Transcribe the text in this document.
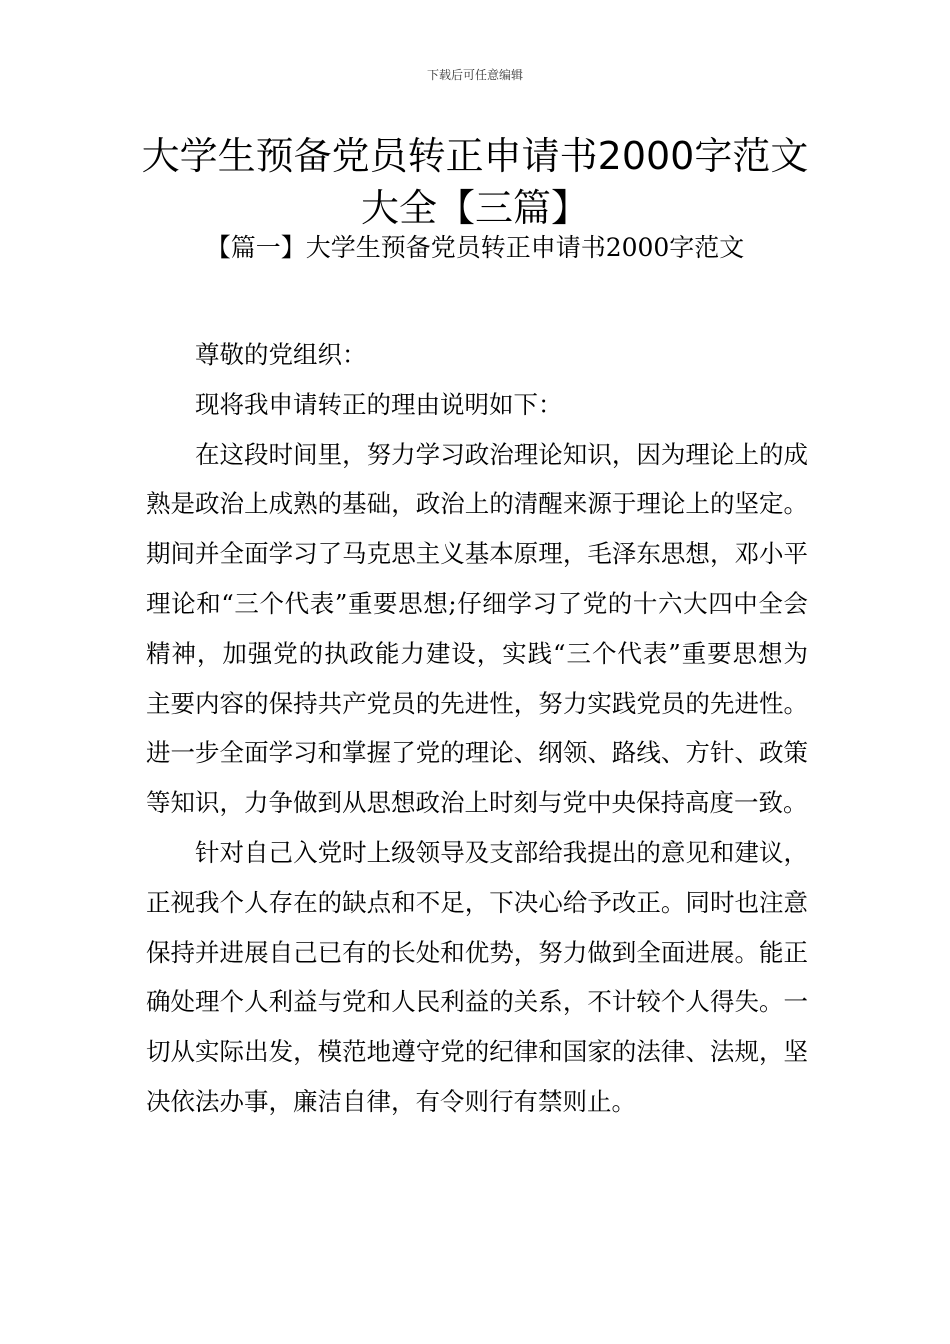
下载后可任意编辑
大学生预备党员转正申请书2000字范文大全【三篇】
【篇一】大学生预备党员转正申请书2000字范文

尊敬的党组织：

现将我申请转正的理由说明如下：

在这段时间里，努力学习政治理论知识，因为理论上的成熟是政治上成熟的基础，政治上的清醒来源于理论上的坚定。期间并全面学习了马克思主义基本原理，毛泽东思想，邓小平理论和“三个代表”重要思想;仔细学习了党的十六大四中全会精神，加强党的执政能力建设，实践“三个代表”重要思想为主要内容的保持共产党员的先进性，努力实践党员的先进性。进一步全面学习和掌握了党的理论、纲领、路线、方针、政策等知识，力争做到从思想政治上时刻与党中央保持高度一致。

针对自己入党时上级领导及支部给我提出的意见和建议，正视我个人存在的缺点和不足，下决心给予改正。同时也注意保持并进展自己已有的长处和优势，努力做到全面进展。能正确处理个人利益与党和人民利益的关系，不计较个人得失。一切从实际出发，模范地遵守党的纪律和国家的法律、法规，坚决依法办事，廉洁自律，有令则行有禁则止。
